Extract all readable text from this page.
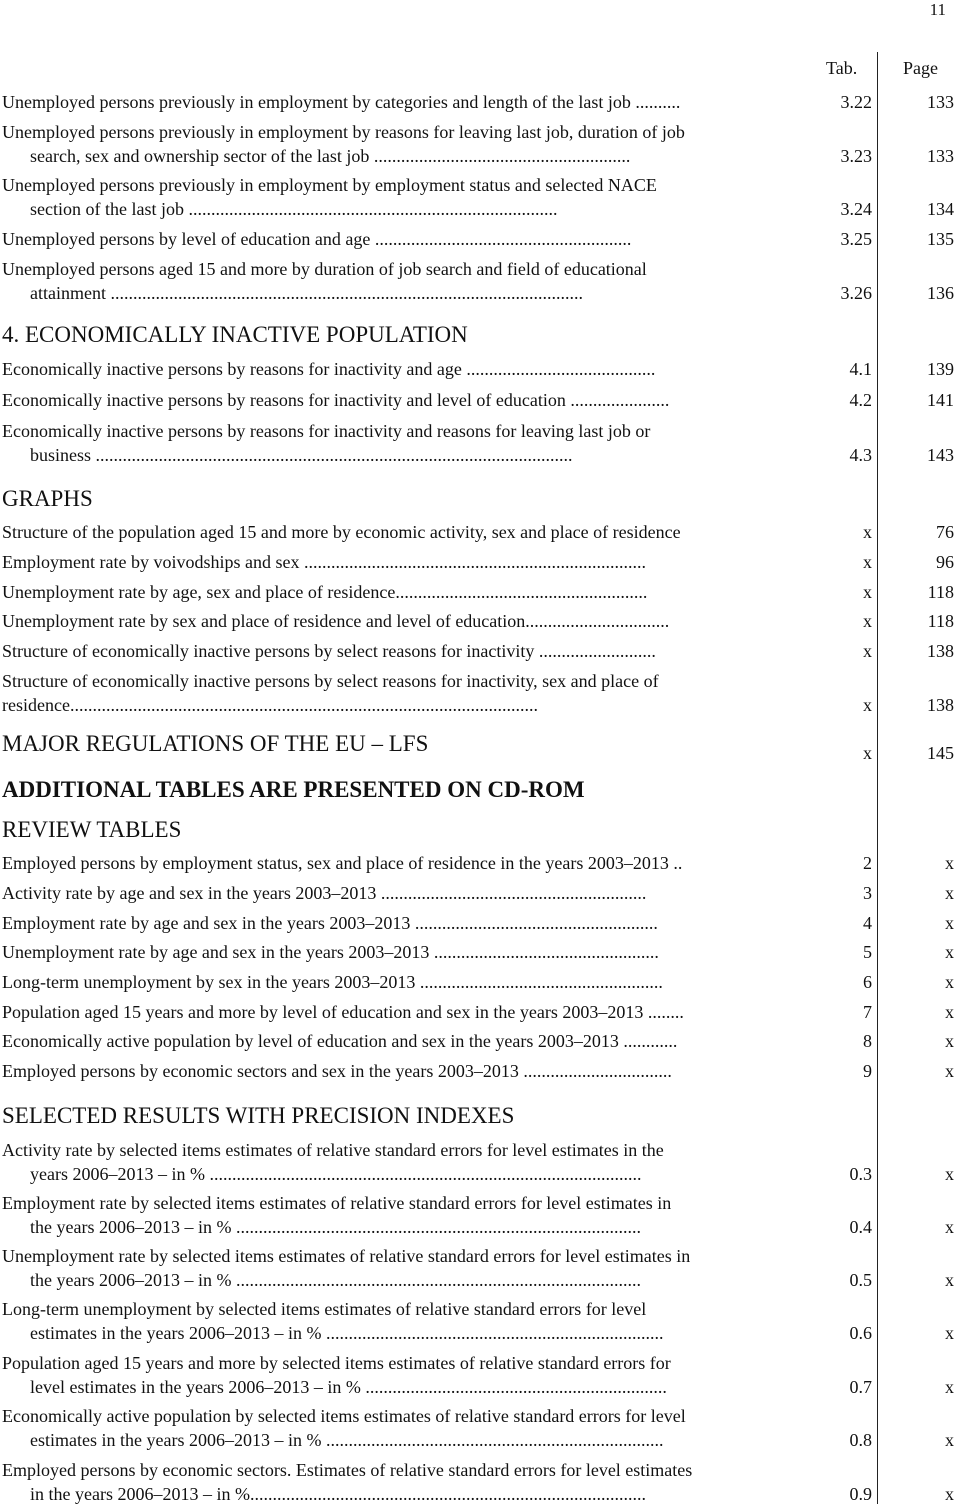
11
Tab.	Page
Unemployed persons previously in employment by categories and length of the last job ..........	3.22	133
Unemployed persons previously in employment by reasons for leaving last job, duration of job
search, sex and ownership sector of the last job .........................................................	3.23	133
Unemployed persons previously in employment by employment status and selected NACE
section of the last job ..................................................................................	3.24	134
Unemployed persons by level of education and age .........................................................	3.25	135
Unemployed persons aged 15 and more by duration of job search and field of educational
attainment .........................................................................................................	3.26	136
4. ECONOMICALLY INACTIVE POPULATION
Economically inactive persons by reasons for inactivity and age ..........................................	4.1	139
Economically inactive persons by reasons for inactivity and level of education ......................	4.2	141
Economically inactive persons by reasons for inactivity and reasons for leaving last job or
business ..........................................................................................................	4.3	143
GRAPHS
Structure of the population aged 15 and more by economic activity, sex and place of residence	x	76
Employment rate by voivodships and sex ............................................................................	x	96
Unemployment rate by age, sex and place of residence........................................................	x	118
Unemployment rate by sex and place of residence and level of education................................	x	118
Structure of economically inactive persons by select reasons for inactivity ..........................	x	138
Structure of economically inactive persons by select reasons for inactivity, sex and place of
residence........................................................................................................	x	138
MAJOR REGULATIONS OF THE EU – LFS	x	145
ADDITIONAL TABLES ARE PRESENTED ON CD-ROM
REVIEW TABLES
Employed persons by employment status, sex and place of residence in the years 2003–2013 ..	2	x
Activity rate by age and sex in the years 2003–2013 ...........................................................	3	x
Employment rate by age and sex in the years 2003–2013 ......................................................	4	x
Unemployment rate by age and sex in the years 2003–2013 ..................................................	5	x
Long-term unemployment by sex in the years 2003–2013 ......................................................	6	x
Population aged 15 years and more by level of education and sex in the years 2003–2013 ........	7	x
Economically active population by level of education and sex in the years 2003–2013 ............	8	x
Employed persons by economic sectors and sex in the years 2003–2013 .................................	9	x
SELECTED RESULTS WITH PRECISION INDEXES
Activity rate by selected items estimates of relative standard errors for level estimates in the
years 2006–2013 – in % ................................................................................................	0.3	x
Employment rate by selected items estimates of relative standard errors for level estimates in
the years 2006–2013 – in % ..........................................................................................	0.4	x
Unemployment rate by selected items estimates of relative standard errors for level estimates in
the years 2006–2013 – in % ..........................................................................................	0.5	x
Long-term unemployment by selected items estimates of relative standard errors for level
estimates in the years 2006–2013 – in % ...........................................................................	0.6	x
Population aged 15 years and more by selected items estimates of relative standard errors for
level estimates in the years 2006–2013 – in % ...................................................................	0.7	x
Economically active population by selected items estimates of relative standard errors for level
estimates in the years 2006–2013 – in % ...........................................................................	0.8	x
Employed persons by economic sectors. Estimates of relative standard errors for level estimates
in the years 2006–2013 – in %........................................................................................	0.9	x
